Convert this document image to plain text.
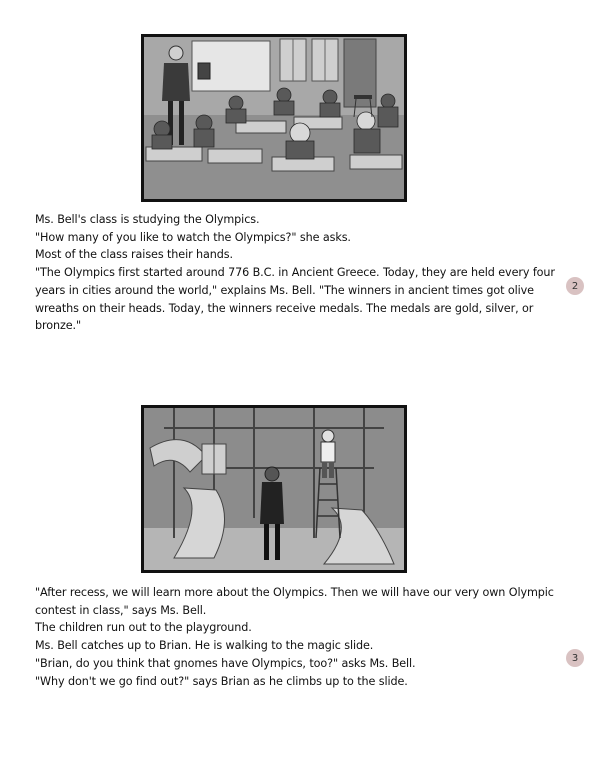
Ms. Bell's class is studying the Olympics.

"How many of you like to watch the Olympics?" she asks.

Most of the class raises their hands.

"The Olympics first started around 776 B.C. in Ancient Greece. Today, they are held every four years in cities around the world," explains Ms. Bell. "The winners in ancient times got olive wreaths on their heads. Today, the winners receive medals. The medals are gold, silver, or bronze."

2

"After recess, we will learn more about the Olympics. Then we will have our very own Olympic contest in class," says Ms. Bell.

The children run out to the playground.

Ms. Bell catches up to Brian. He is walking to the magic slide.

"Brian, do you think that gnomes have Olympics, too?" asks Ms. Bell.

"Why don't we go find out?" says Brian as he climbs up to the slide.

3
